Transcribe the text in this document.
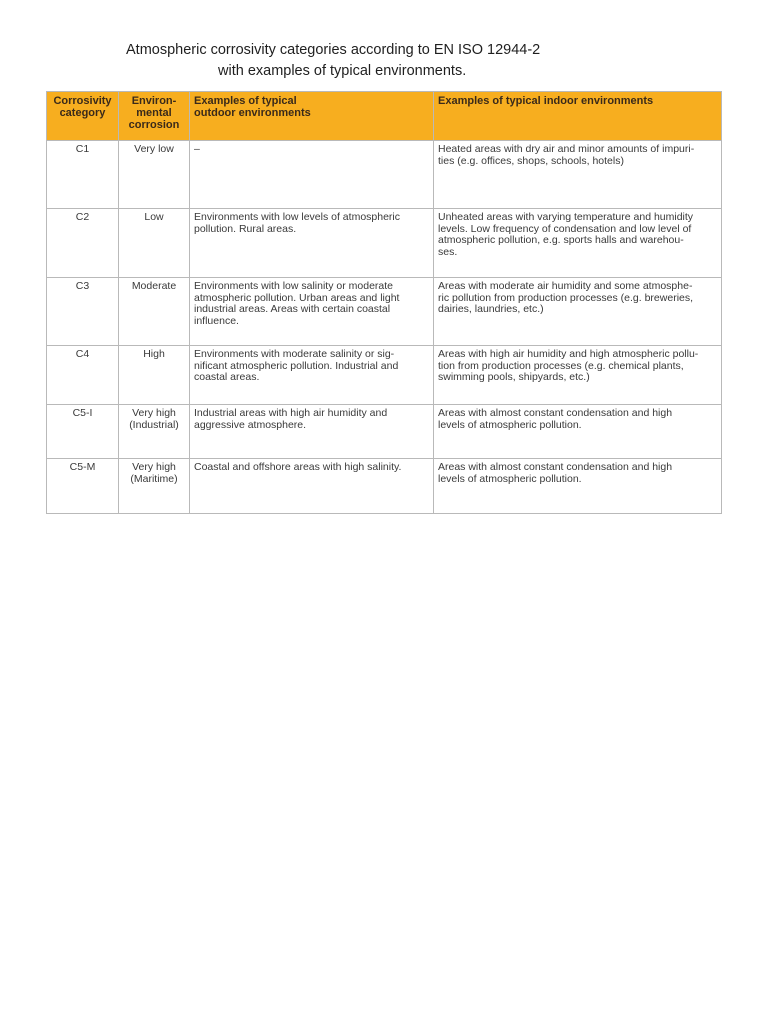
Atmospheric corrosivity categories according to EN ISO 12944-2
with examples of typical environments.
Corrosivity
category	Environ-
mental
corrosion	Examples of typical
outdoor environments	Examples of typical indoor environments

C1	Very low	–	Heated areas with dry air and minor amounts of impuri-
ties (e.g. offices, shops, schools, hotels)

C2	Low	Environments with low levels of atmospheric
pollution. Rural areas.	Unheated areas with varying temperature and humidity
levels. Low frequency of condensation and low level of
atmospheric pollution, e.g. sports halls and warehou-
ses.

C3	Moderate	Environments with low salinity or moderate
atmospheric pollution. Urban areas and light
industrial areas. Areas with certain coastal
influence.	Areas with moderate air humidity and some atmosphe-
ric pollution from production processes (e.g. breweries,
dairies, laundries, etc.)

C4	High	Environments with moderate salinity or sig-
nificant atmospheric pollution. Industrial and
coastal areas.	Areas with high air humidity and high atmospheric pollu-
tion from production processes (e.g. chemical plants,
swimming pools, shipyards, etc.)

C5-I	Very high
(Industrial)	Industrial areas with high air humidity and
aggressive atmosphere.	Areas with almost constant condensation and high
levels of atmospheric pollution.

C5-M	Very high
(Maritime)	Coastal and offshore areas with high salinity.	Areas with almost constant condensation and high
levels of atmospheric pollution.
